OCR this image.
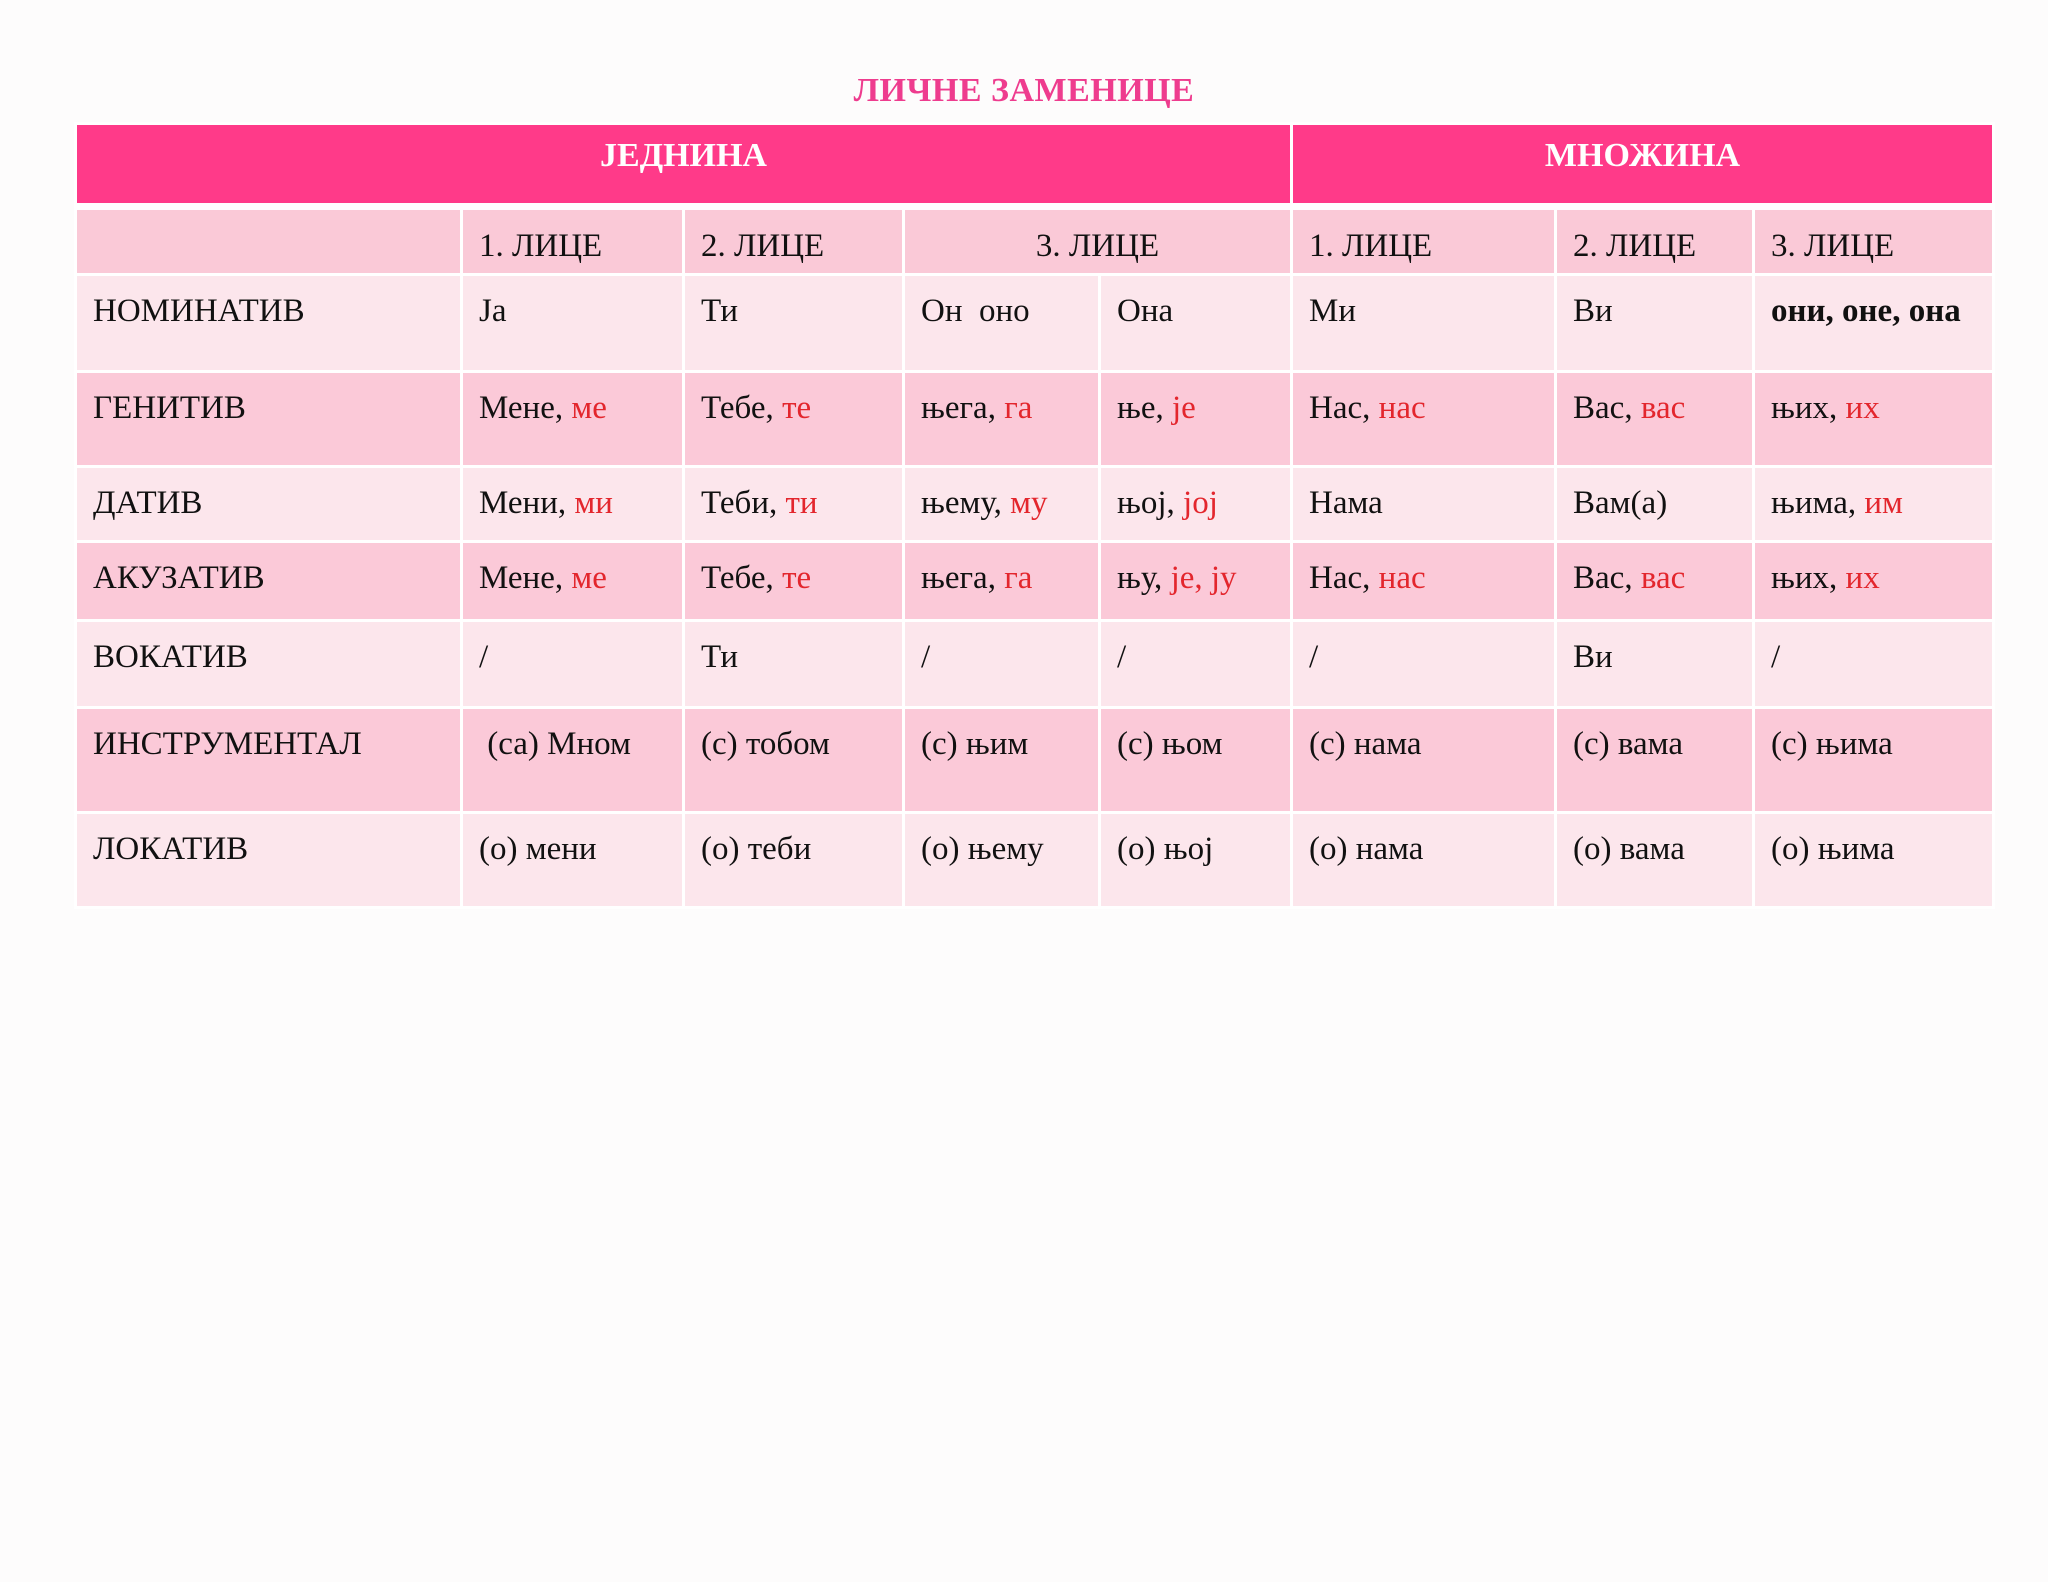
ЛИЧНЕ ЗАМЕНИЦЕ
ЈЕДНИНА					МНОЖИНА		
	1. ЛИЦЕ	2. ЛИЦЕ	3. ЛИЦЕ		1. ЛИЦЕ	2. ЛИЦЕ	3. ЛИЦЕ
НОМИНАТИВ	Ја	Ти	Он  оно	Она	Ми	Ви	они, оне, она
ГЕНИТИВ	Мене, ме	Тебе, те	њега, га	ње, је	Нас, нас	Вас, вас	њих, их
ДАТИВ	Мени, ми	Теби, ти	њему, му	њој, јој	Нама	Вам(а)	њима, им
АКУЗАТИВ	Мене, ме	Тебе, те	њега, га	њу, је, ју	Нас, нас	Вас, вас	њих, их
ВОКАТИВ	/	Ти	/	/	/	Ви	/
ИНСТРУМЕНТАЛ	(са) Мном	(с) тобом	(с) њим	(с) њом	(с) нама	(с) вама	(с) њима
ЛОКАТИВ	(о) мени	(о) теби	(о) њему	(о) њој	(о) нама	(о) вама	(о) њима
